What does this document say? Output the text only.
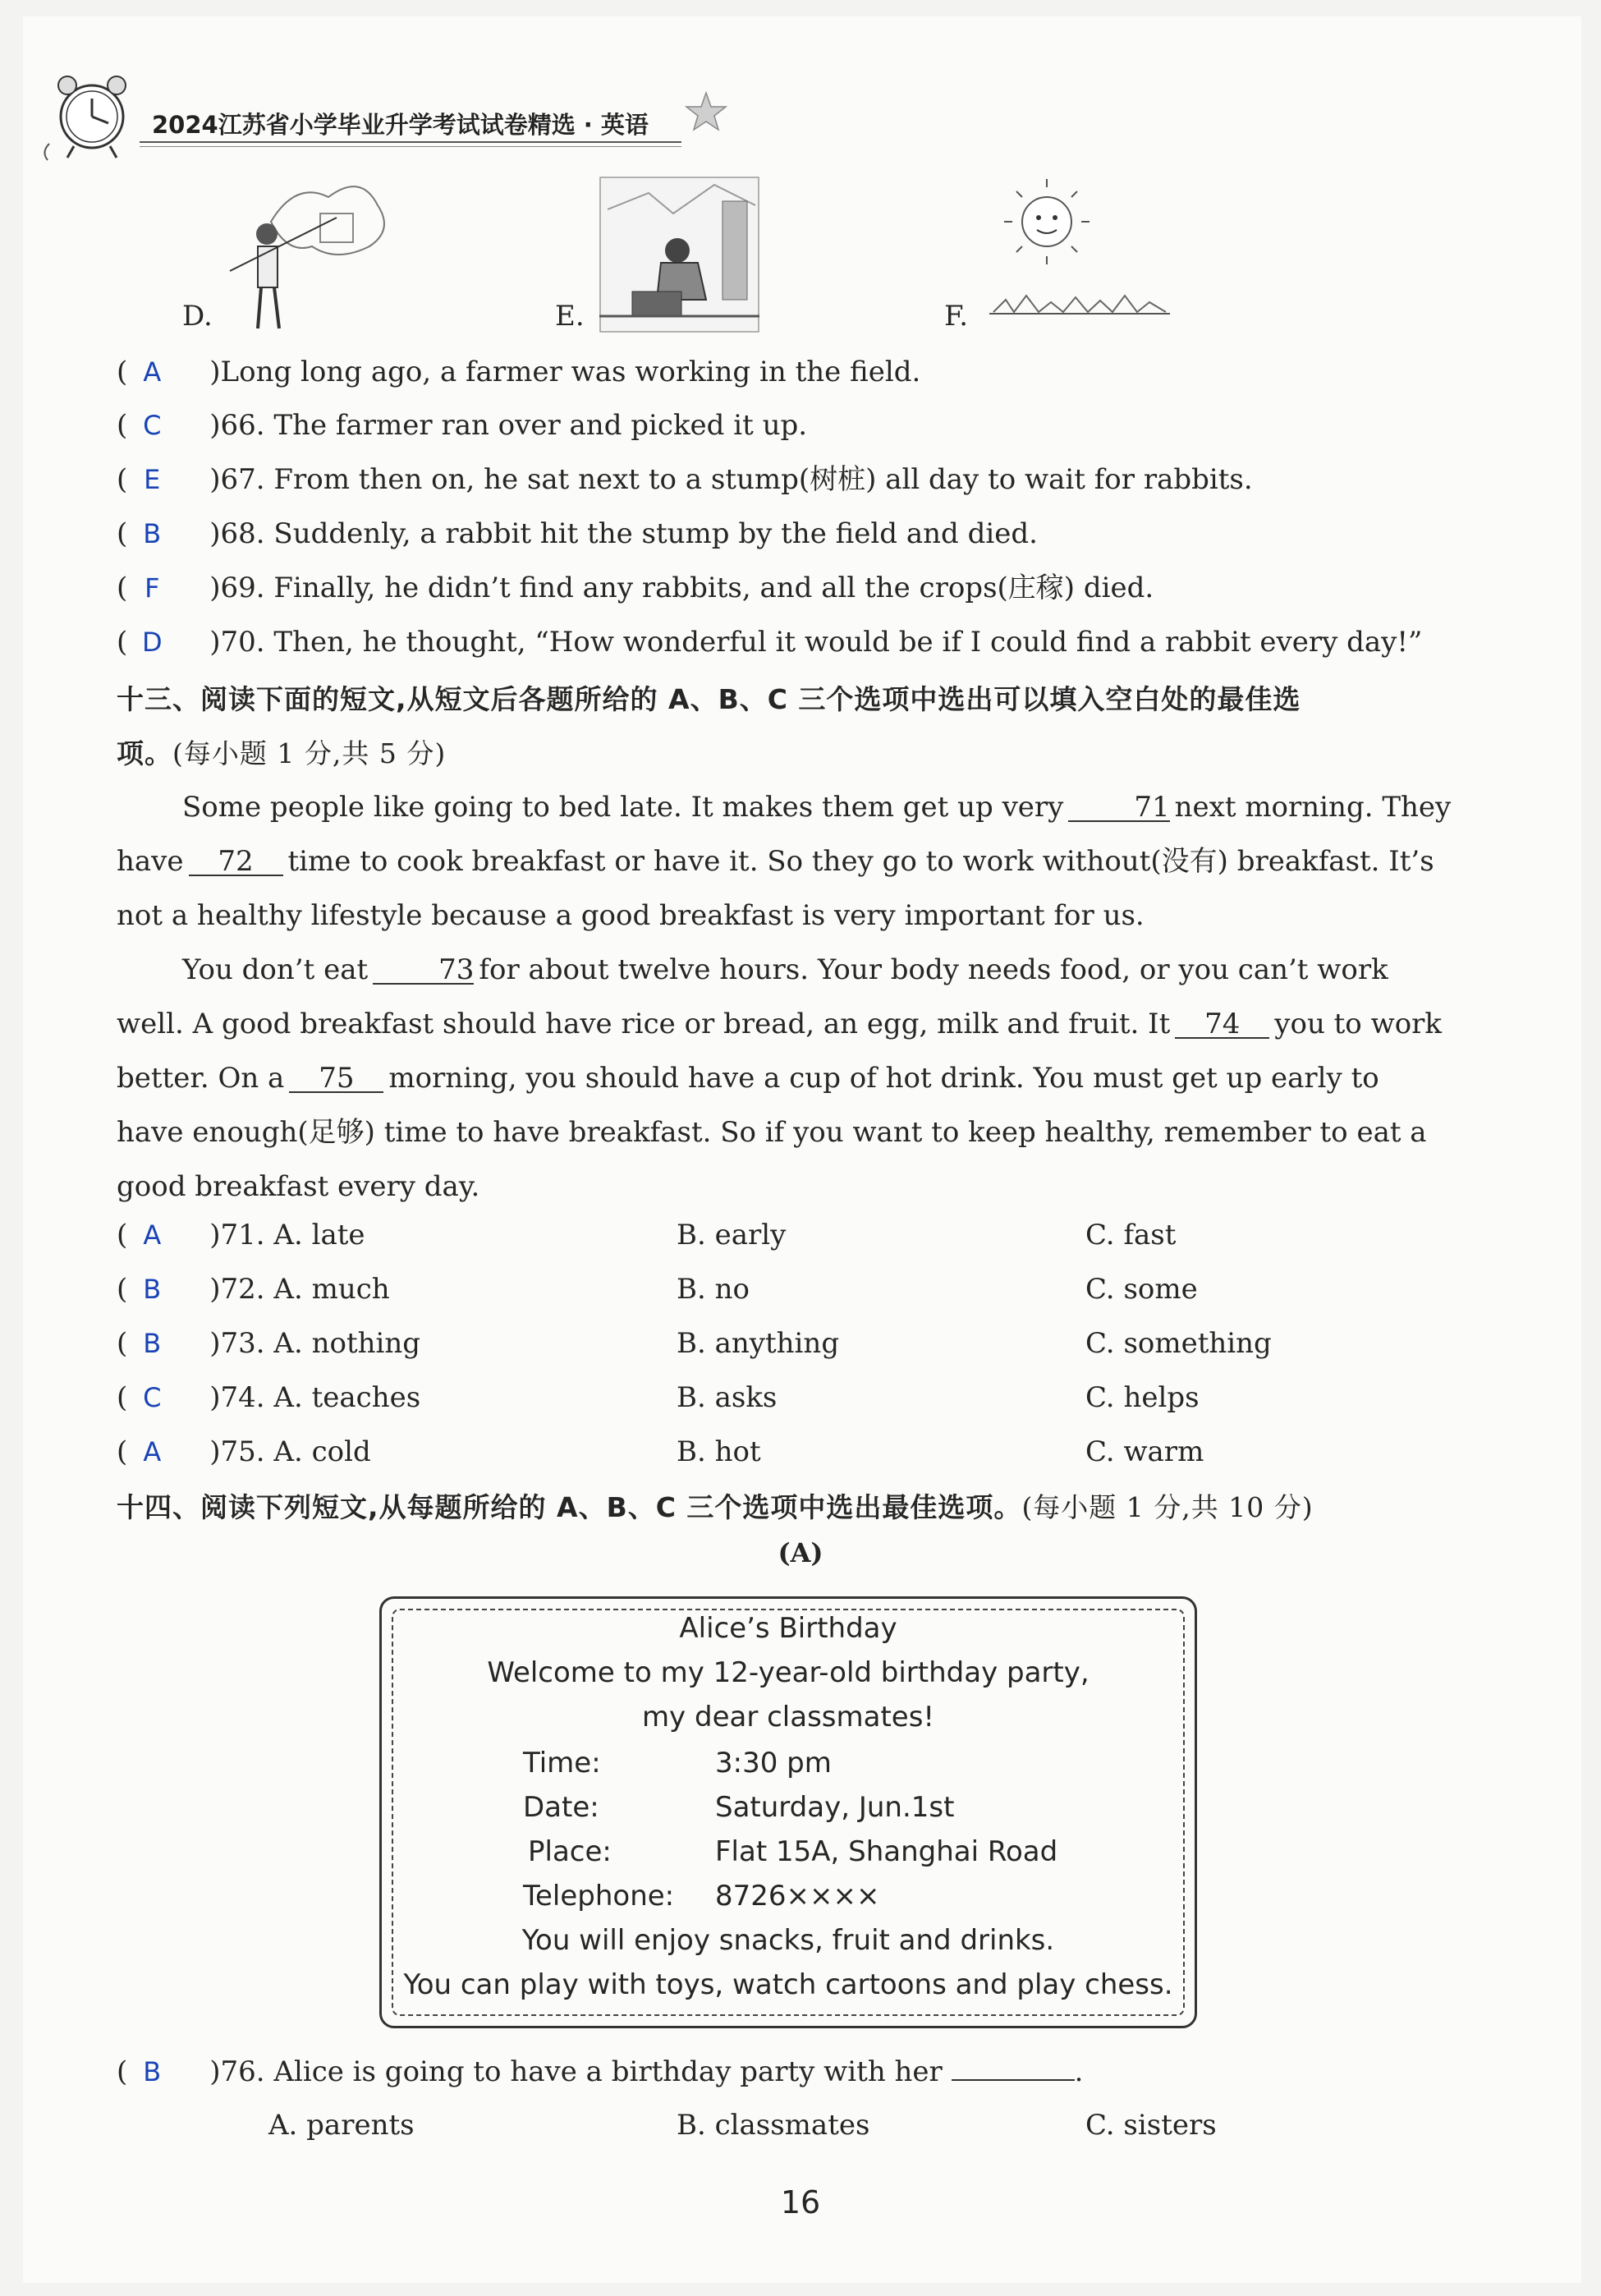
2024江苏省小学毕业升学考试试卷精选 · 英语
D.	E.	F.
( A )Long long ago, a farmer was working in the field.
( C )66. The farmer ran over and picked it up.
( E )67. From then on, he sat next to a stump(树桩) all day to wait for rabbits.
( B )68. Suddenly, a rabbit hit the stump by the field and died.
( F )69. Finally, he didn’t find any rabbits, and all the crops(庄稼) died.
( D )70. Then, he thought, “How wonderful it would be if I could find a rabbit every day!”
十三、阅读下面的短文,从短文后各题所给的 A、B、C 三个选项中选出可以填入空白处的最佳选
项。(每小题 1 分,共 5 分)
Some people like going to bed late. It makes them get up very	71 next morning. They
have 72 time to cook breakfast or have it. So they go to work without(没有) breakfast. It’s
not a healthy lifestyle because a good breakfast is very important for us.
You don’t eat	73 for about twelve hours. Your body needs food, or you can’t work
well. A good breakfast should have rice or bread, an egg, milk and fruit. It 74 you to work
better. On a 75 morning, you should have a cup of hot drink. You must get up early to
have enough(足够) time to have breakfast. So if you want to keep healthy, remember to eat a
good breakfast every day.
( A )71. A. late	B. early	C. fast
( B )72. A. much	B. no	C. some
( B )73. A. nothing	B. anything	C. something
( C )74. A. teaches	B. asks	C. helps
( A )75. A. cold	B. hot	C. warm
十四、阅读下列短文,从每题所给的 A、B、C 三个选项中选出最佳选项。(每小题 1 分,共 10 分)
(A)
Alice’s Birthday
Welcome to my 12-year-old birthday party,
my dear classmates!
Time:	3:30 pm
Date:	Saturday, Jun.1st
Place:	Flat 15A, Shanghai Road
Telephone: 8726××××
You will enjoy snacks, fruit and drinks.
You can play with toys, watch cartoons and play chess.
( B )76. Alice is going to have a birthday party with her	.
A. parents	B. classmates	C. sisters
16
